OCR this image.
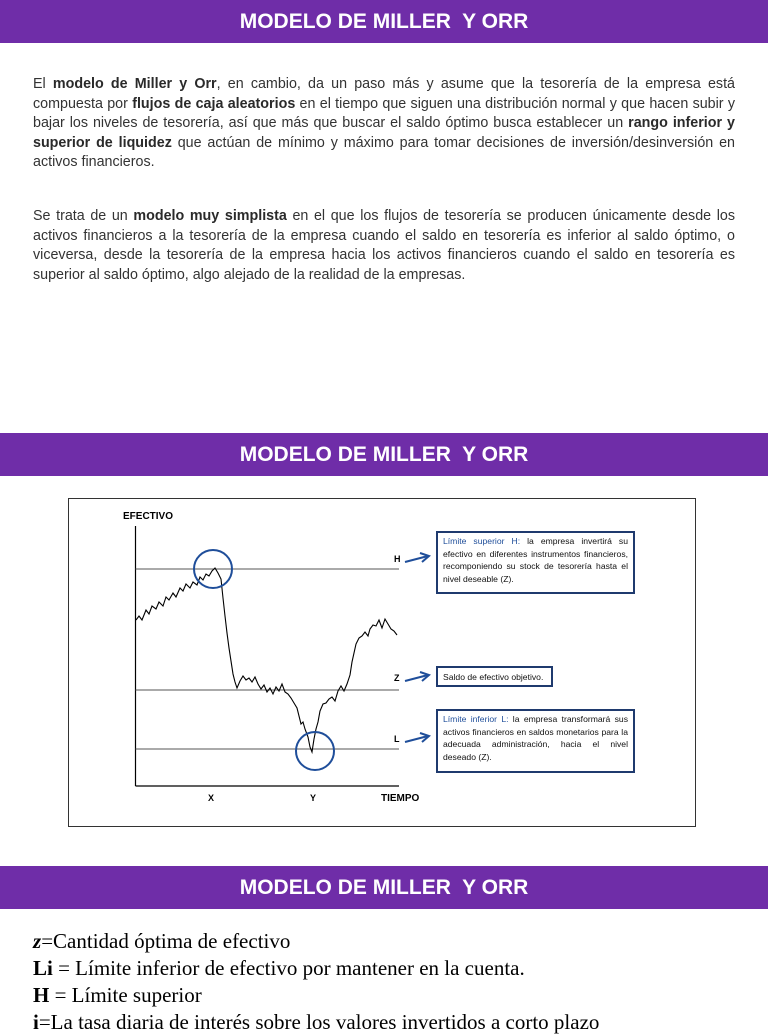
MODELO DE MILLER  Y ORR

El modelo de Miller y Orr, en cambio, da un paso más y asume que la tesorería de la empresa está compuesta por flujos de caja aleatorios en el tiempo que siguen una distribución normal y que hacen subir y bajar los niveles de tesorería, así que más que buscar el saldo óptimo busca establecer un rango inferior y superior de liquidez que actúan de mínimo y máximo para tomar decisiones de inversión/desinversión en activos financieros.

Se trata de un modelo muy simplista en el que los flujos de tesorería se producen únicamente desde los activos financieros a la tesorería de la empresa cuando el saldo en tesorería es inferior al saldo óptimo, o viceversa, desde la tesorería de la empresa hacia los activos financieros cuando el saldo en tesorería es superior al saldo óptimo, algo alejado de la realidad de la empresas.

MODELO DE MILLER  Y ORR
EFECTIVO
TIEMPO
X	Y
H
Z
L
Límite superior H: la empresa invertirá su efectivo en diferentes instrumentos financieros, recomponiendo su stock de tesorería hasta el nivel deseable (Z).
Saldo de efectivo objetivo.
Límite inferior L: la empresa transformará sus activos financieros en saldos monetarios para la adecuada administración, hacia el nivel deseado (Z).
MODELO DE MILLER  Y ORR

z=Cantidad óptima de efectivo

Li = Límite inferior de efectivo por mantener en la cuenta.

H = Límite superior

i=La tasa diaria de interés sobre los valores invertidos a corto plazo
